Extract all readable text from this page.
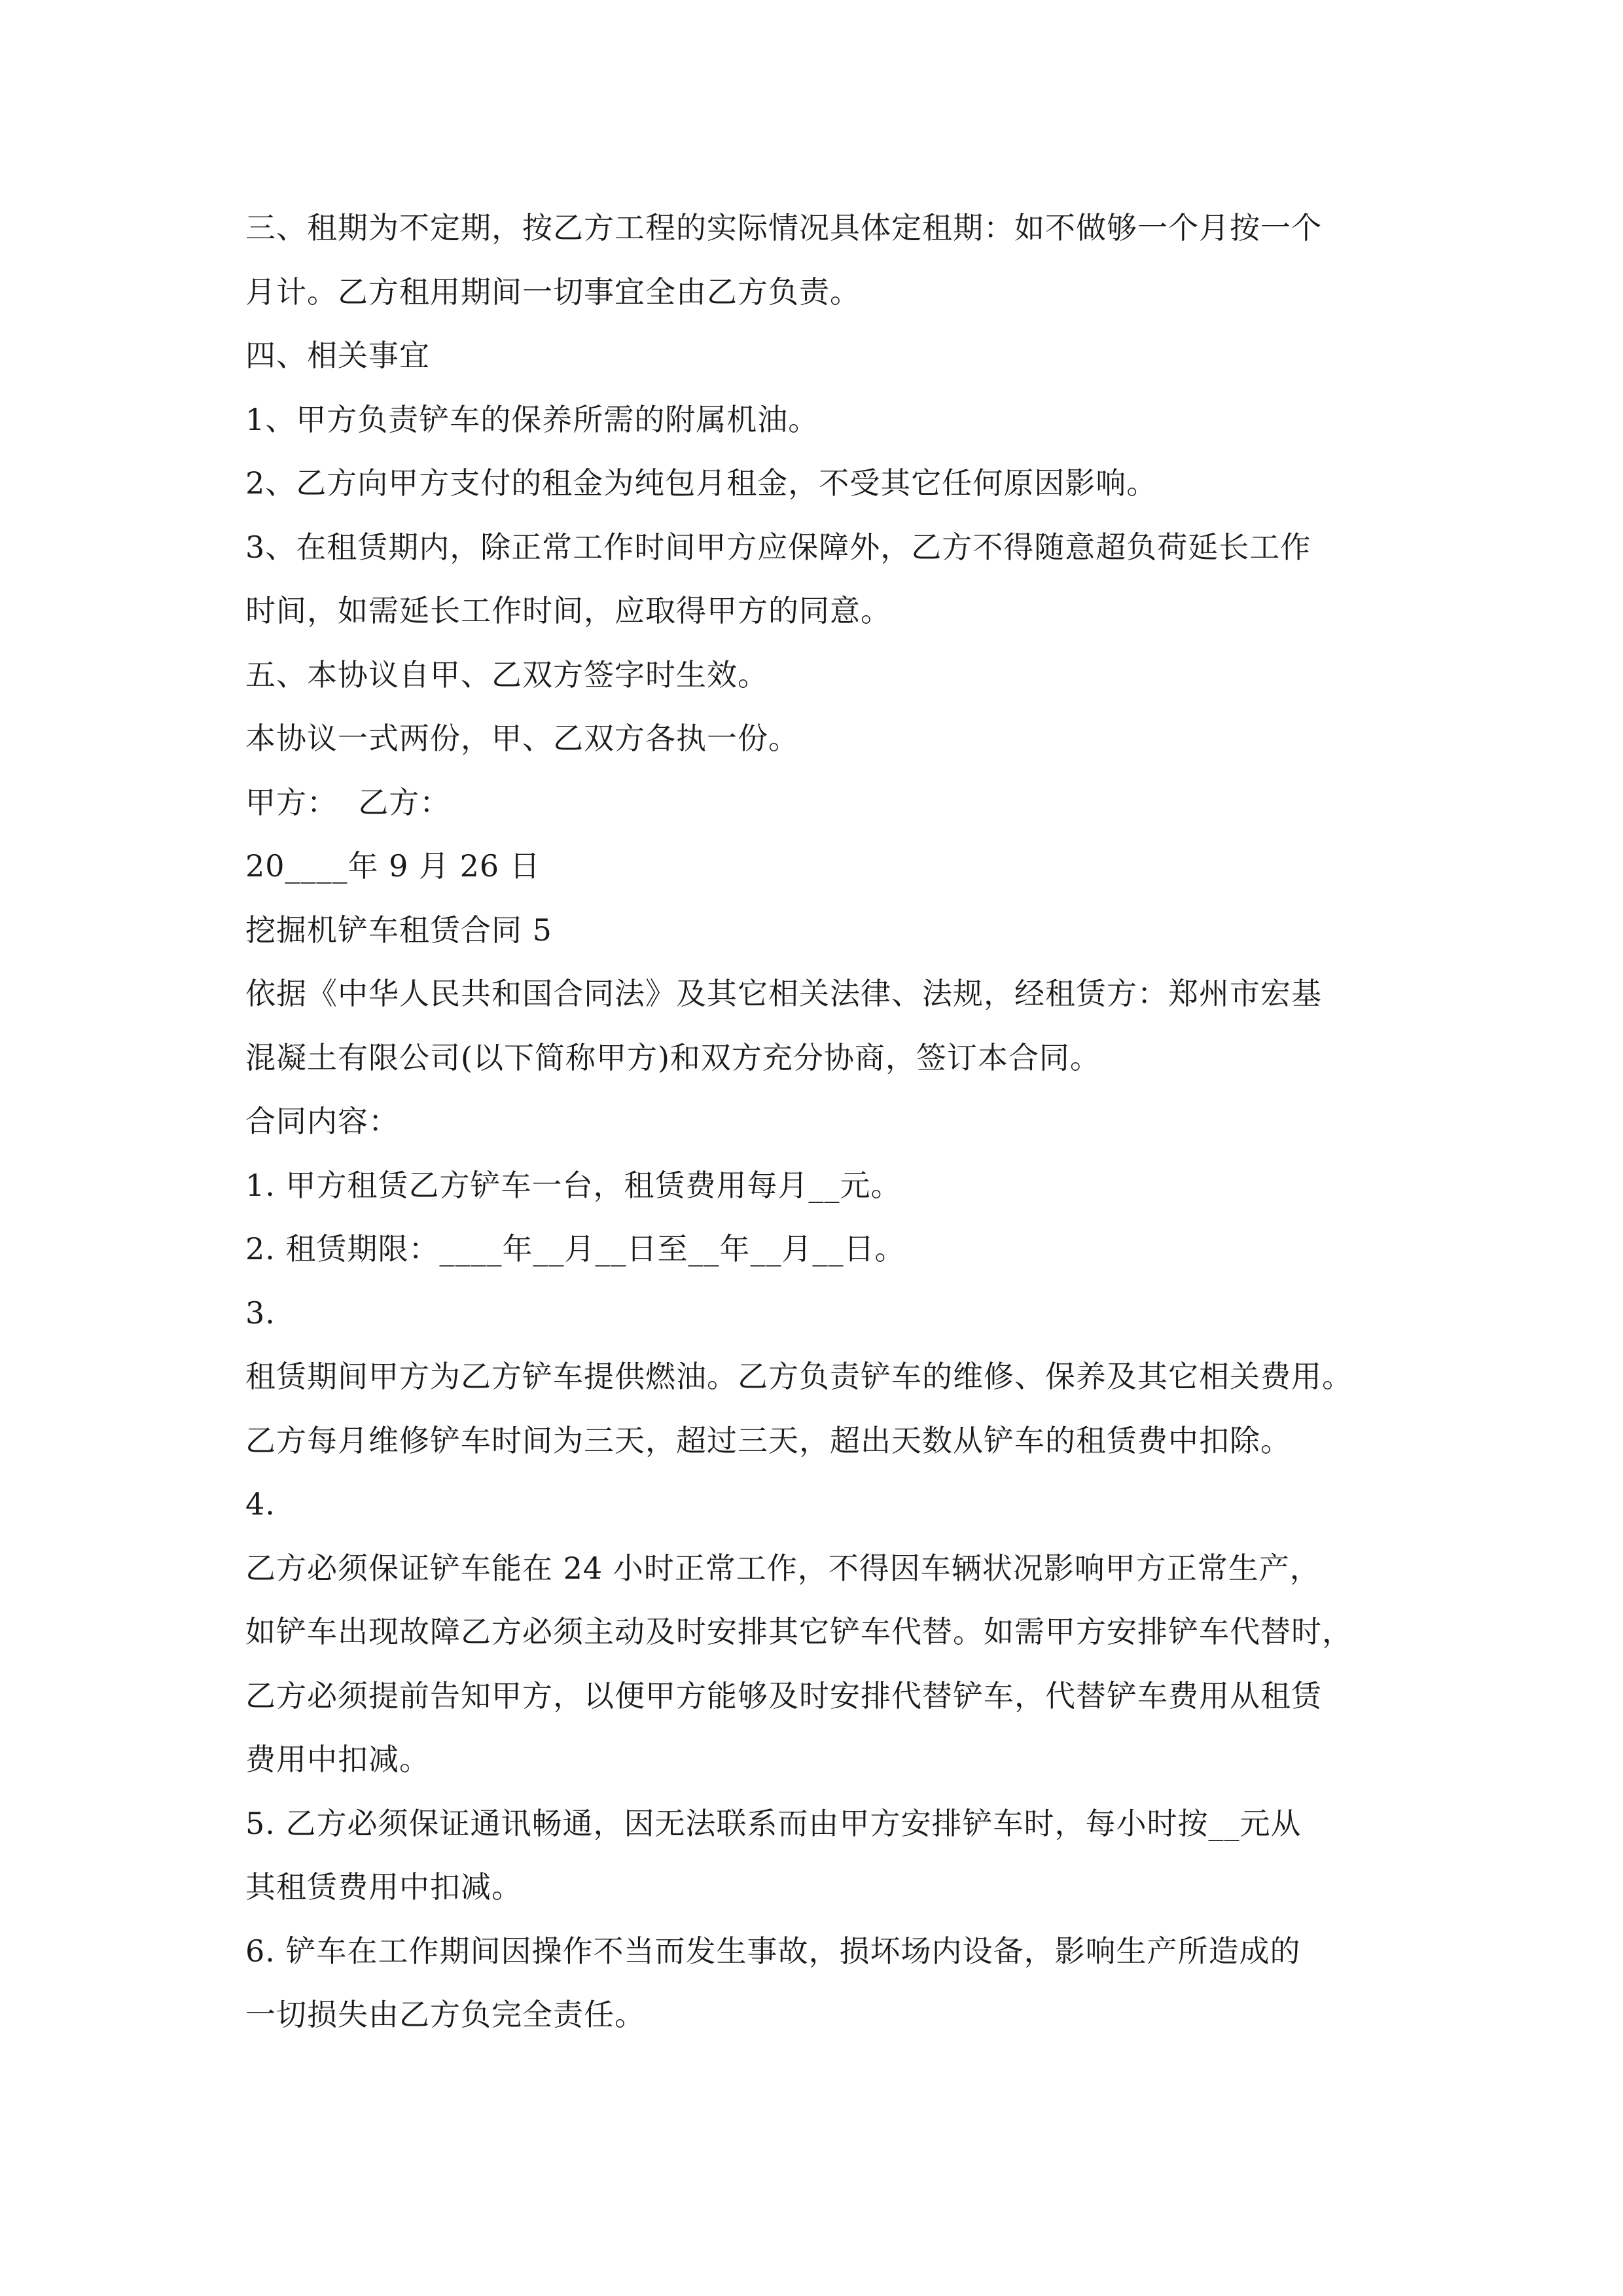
三、租期为不定期，按乙方工程的实际情况具体定租期：如不做够一个月按一个

月计。乙方租用期间一切事宜全由乙方负责。

四、相关事宜

1、甲方负责铲车的保养所需的附属机油。

2、乙方向甲方支付的租金为纯包月租金，不受其它任何原因影响。

3、在租赁期内，除正常工作时间甲方应保障外，乙方不得随意超负荷延长工作

时间，如需延长工作时间，应取得甲方的同意。

五、本协议自甲、乙双方签字时生效。

本协议一式两份，甲、乙双方各执一份。

甲方：  乙方：

20____年 9 月 26 日

挖掘机铲车租赁合同 5

依据《中华人民共和国合同法》及其它相关法律、法规，经租赁方：郑州市宏基

混凝土有限公司(以下简称甲方)和双方充分协商，签订本合同。

合同内容：

1. 甲方租赁乙方铲车一台，租赁费用每月__元。

2. 租赁期限：____年__月__日至__年__月__日。

3.

租赁期间甲方为乙方铲车提供燃油。乙方负责铲车的维修、保养及其它相关费用。

乙方每月维修铲车时间为三天，超过三天，超出天数从铲车的租赁费中扣除。

4.

乙方必须保证铲车能在 24 小时正常工作，不得因车辆状况影响甲方正常生产，

如铲车出现故障乙方必须主动及时安排其它铲车代替。如需甲方安排铲车代替时，

乙方必须提前告知甲方，以便甲方能够及时安排代替铲车，代替铲车费用从租赁

费用中扣减。

5. 乙方必须保证通讯畅通，因无法联系而由甲方安排铲车时，每小时按__元从

其租赁费用中扣减。

6. 铲车在工作期间因操作不当而发生事故，损坏场内设备，影响生产所造成的

一切损失由乙方负完全责任。
